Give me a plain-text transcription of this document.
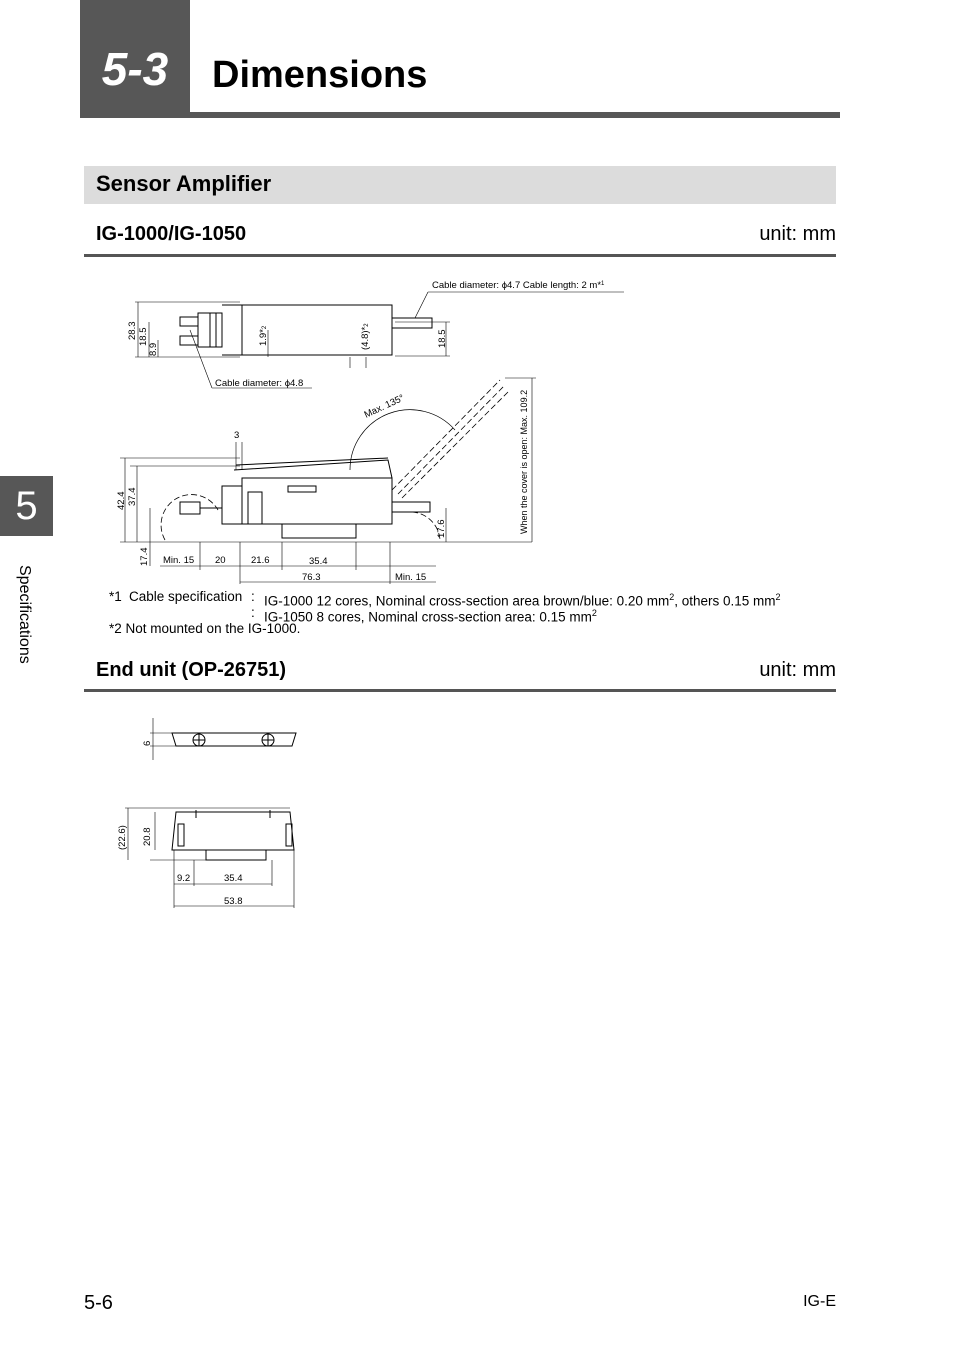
5-3	Dimensions
Sensor Amplifier
IG-1000/IG-1050	unit: mm
Cable diameter: ϕ4.7 Cable length: 2 m*$^1$
Cable diameter: ϕ4.8
Max. 135°	When the cover is open: Max. 109.2
28.3 18.5
8.9
1.9*2	(4.8)*2
18.5
3
42.4 37.4
17.4
17.6
Min. 15 20	21.6	35.4
76.3	Min. 15
*1 Cable specification : IG-1000 12 cores, Nominal cross-section area brown/blue: 0.20 $mm^2$, others 0.15 $mm^2$
: IG-1050 8 cores, Nominal cross-section area: 0.15 $mm^2$
*2 Not mounted on the IG-1000.
End unit (OP-26751)	unit: mm
6
(22.6) 20.8
9.2	35.4
53.8
5
Specifications
5-6	IG-E
